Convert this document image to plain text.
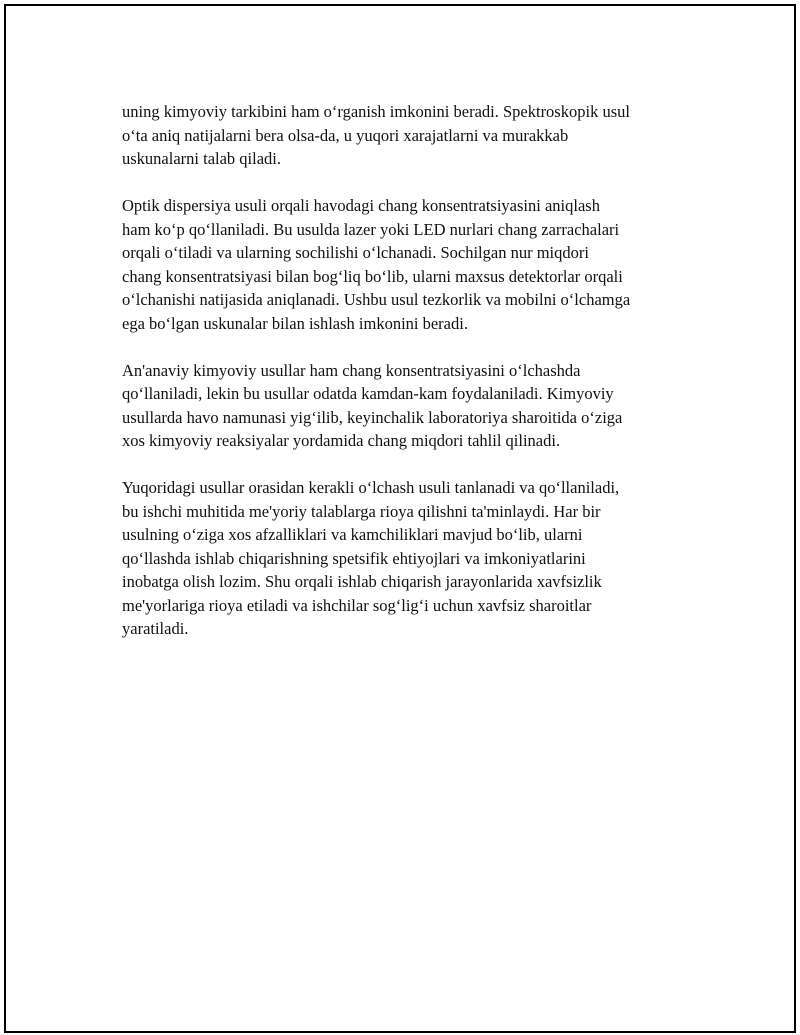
uning kimyoviy tarkibini ham o‘rganish imkonini beradi. Spektroskopik usul
o‘ta aniq natijalarni bera olsa-da, u yuqori xarajatlarni va murakkab
uskunalarni talab qiladi.

Optik dispersiya usuli orqali havodagi chang konsentratsiyasini aniqlash
ham ko‘p qo‘llaniladi. Bu usulda lazer yoki LED nurlari chang zarrachalari
orqali o‘tiladi va ularning sochilishi o‘lchanadi. Sochilgan nur miqdori
chang konsentratsiyasi bilan bog‘liq bo‘lib, ularni maxsus detektorlar orqali
o‘lchanishi natijasida aniqlanadi. Ushbu usul tezkorlik va mobilni o‘lchamga
ega bo‘lgan uskunalar bilan ishlash imkonini beradi.

An'anaviy kimyoviy usullar ham chang konsentratsiyasini o‘lchashda
qo‘llaniladi, lekin bu usullar odatda kamdan-kam foydalaniladi. Kimyoviy
usullarda havo namunasi yig‘ilib, keyinchalik laboratoriya sharoitida o‘ziga
xos kimyoviy reaksiyalar yordamida chang miqdori tahlil qilinadi.

Yuqoridagi usullar orasidan kerakli o‘lchash usuli tanlanadi va qo‘llaniladi,
bu ishchi muhitida me'yoriy talablarga rioya qilishni ta'minlaydi. Har bir
usulning o‘ziga xos afzalliklari va kamchiliklari mavjud bo‘lib, ularni
qo‘llashda ishlab chiqarishning spetsifik ehtiyojlari va imkoniyatlarini
inobatga olish lozim. Shu orqali ishlab chiqarish jarayonlarida xavfsizlik
me'yorlariga rioya etiladi va ishchilar sog‘lig‘i uchun xavfsiz sharoitlar
yaratiladi.
